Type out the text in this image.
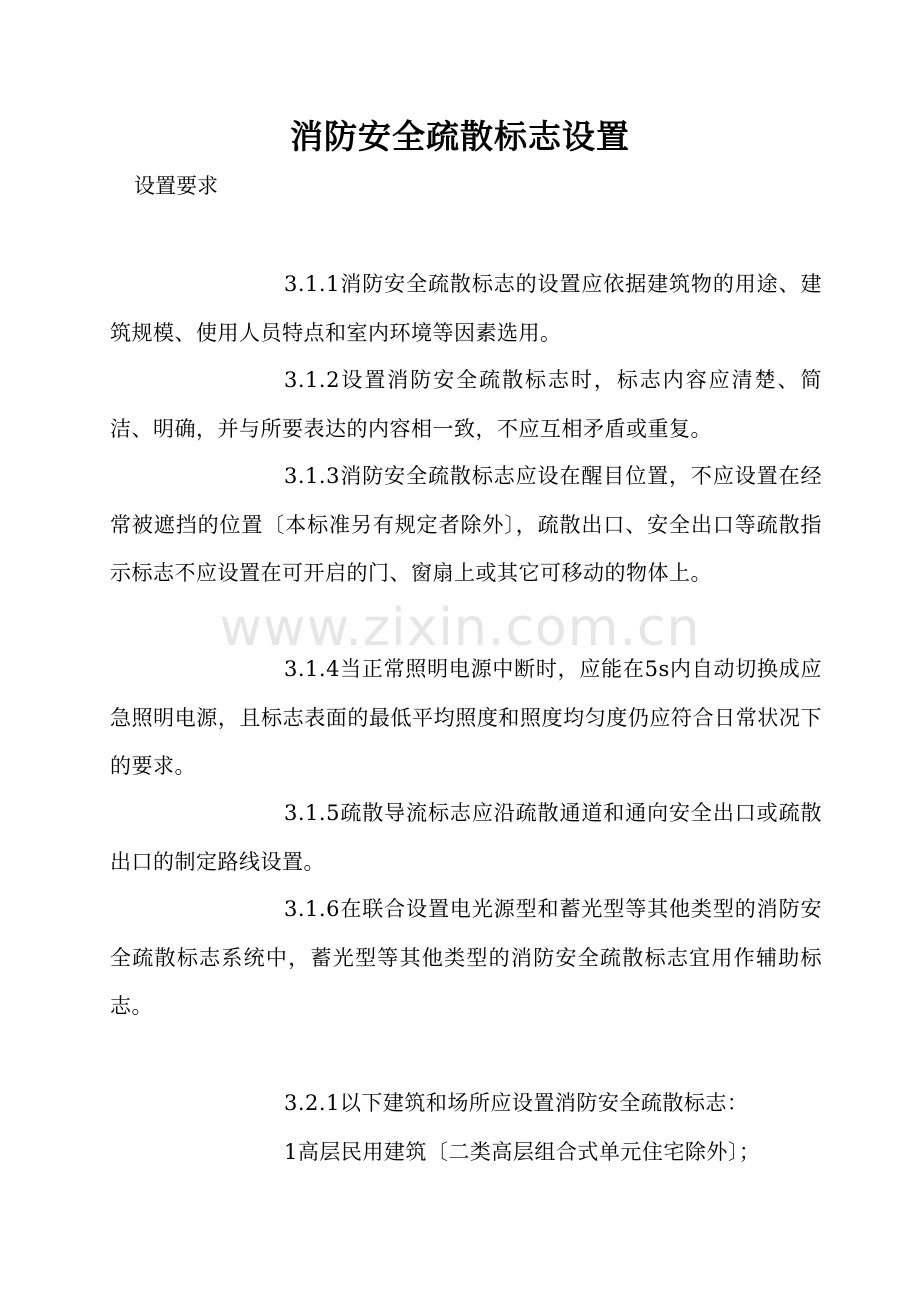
www.zixin.com.cn
消防安全疏散标志设置

设置要求

3.1.1消防安全疏散标志的设置应依据建筑物的用途、建筑规模、使用人员特点和室内环境等因素选用。

3.1.2设置消防安全疏散标志时，标志内容应清楚、简洁、明确，并与所要表达的内容相一致，不应互相矛盾或重复。

3.1.3消防安全疏散标志应设在醒目位置，不应设置在经常被遮挡的位置〔本标准另有规定者除外〕，疏散出口、安全出口等疏散指示标志不应设置在可开启的门、窗扇上或其它可移动的物体上。

3.1.4当正常照明电源中断时，应能在5s内自动切换成应急照明电源，且标志表面的最低平均照度和照度均匀度仍应符合日常状况下的要求。

3.1.5疏散导流标志应沿疏散通道和通向安全出口或疏散出口的制定路线设置。

3.1.6在联合设置电光源型和蓄光型等其他类型的消防安全疏散标志系统中，蓄光型等其他类型的消防安全疏散标志宜用作辅助标志。

3.2.1以下建筑和场所应设置消防安全疏散标志：

1高层民用建筑〔二类高层组合式单元住宅除外〕；
